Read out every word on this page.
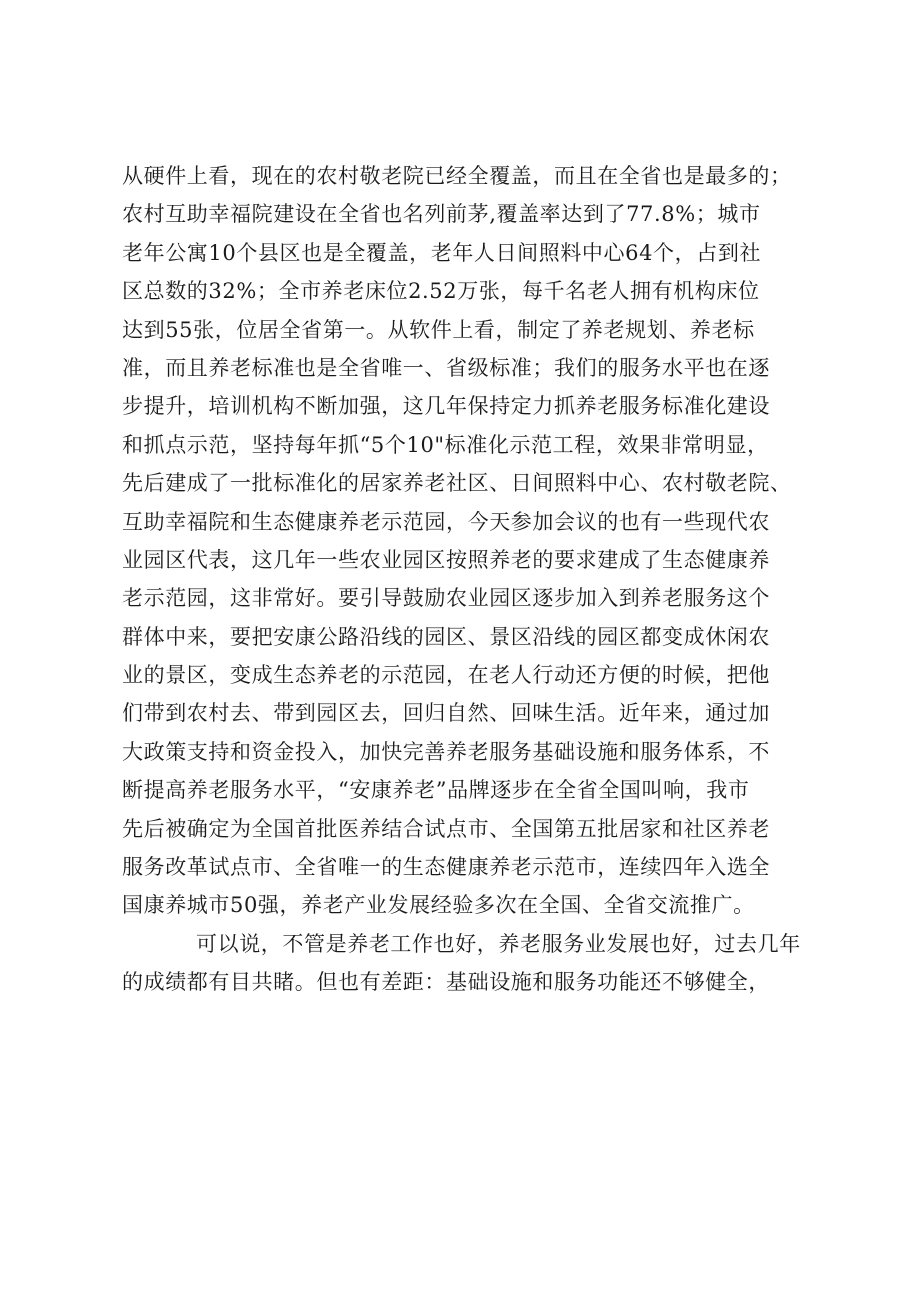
从硬件上看，现在的农村敬老院已经全覆盖，而且在全省也是最多的；
农村互助幸福院建设在全省也名列前茅,覆盖率达到了77.8%；城市
老年公寓10个县区也是全覆盖，老年人日间照料中心64个，占到社
区总数的32%；全市养老床位2.52万张，每千名老人拥有机构床位
达到55张，位居全省第一。从软件上看，制定了养老规划、养老标
准，而且养老标准也是全省唯一、省级标准；我们的服务水平也在逐
步提升，培训机构不断加强，这几年保持定力抓养老服务标准化建设
和抓点示范，坚持每年抓“5个10"标准化示范工程，效果非常明显，
先后建成了一批标准化的居家养老社区、日间照料中心、农村敬老院、
互助幸福院和生态健康养老示范园，今天参加会议的也有一些现代农
业园区代表，这几年一些农业园区按照养老的要求建成了生态健康养
老示范园，这非常好。要引导鼓励农业园区逐步加入到养老服务这个
群体中来，要把安康公路沿线的园区、景区沿线的园区都变成休闲农
业的景区，变成生态养老的示范园，在老人行动还方便的时候，把他
们带到农村去、带到园区去，回归自然、回味生活。近年来，通过加
大政策支持和资金投入，加快完善养老服务基础设施和服务体系，不
断提高养老服务水平，“安康养老”品牌逐步在全省全国叫响，我市
先后被确定为全国首批医养结合试点市、全国第五批居家和社区养老
服务改革试点市、全省唯一的生态健康养老示范市，连续四年入选全
国康养城市50强，养老产业发展经验多次在全国、全省交流推广。
可以说，不管是养老工作也好，养老服务业发展也好，过去几年
的成绩都有目共睹。但也有差距：基础设施和服务功能还不够健全，
